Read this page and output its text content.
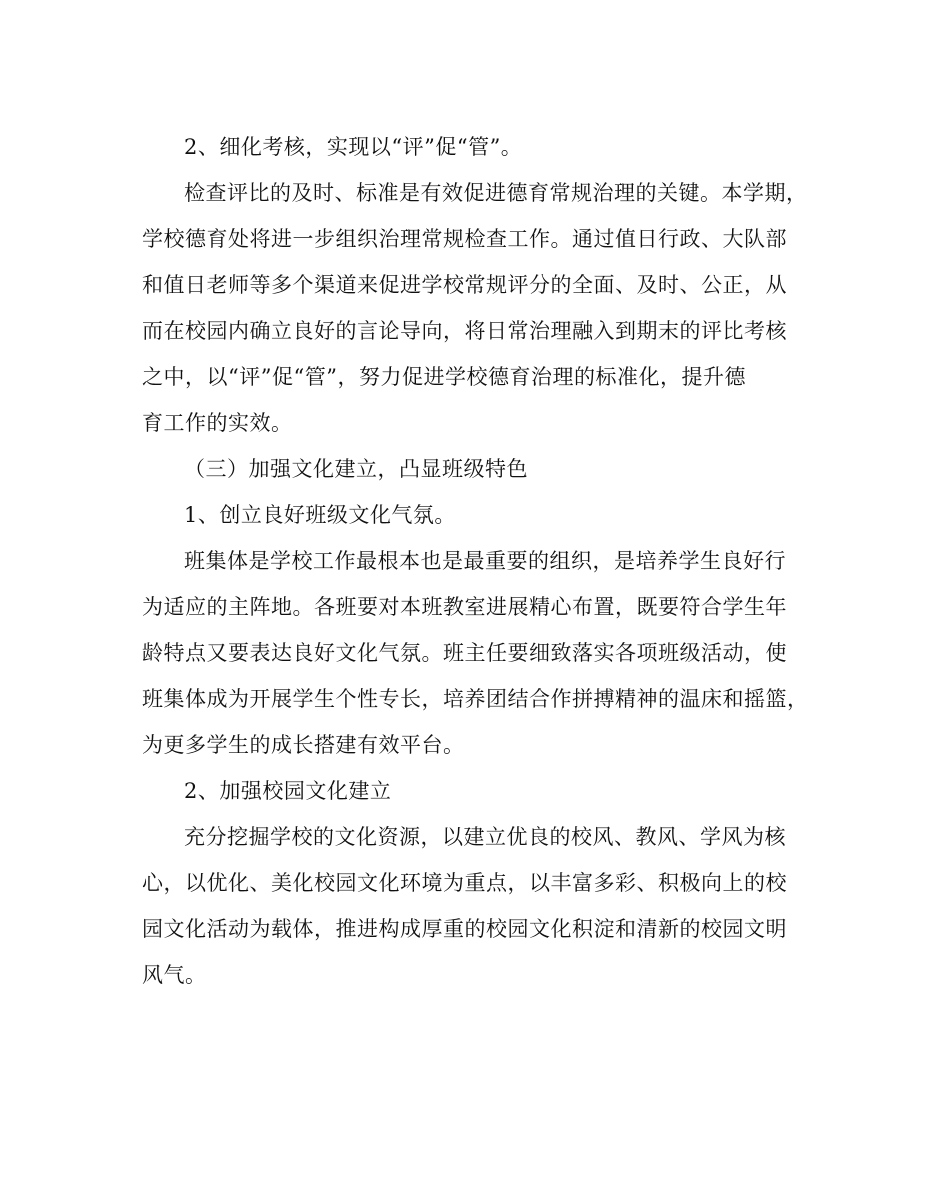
2、细化考核，实现以“评”促“管”。
检查评比的及时、标准是有效促进德育常规治理的关键。本学期，
学校德育处将进一步组织治理常规检查工作。通过值日行政、大队部
和值日老师等多个渠道来促进学校常规评分的全面、及时、公正，从
而在校园内确立良好的言论导向，将日常治理融入到期末的评比考核
之中，以“评”促“管”，努力促进学校德育治理的标准化，提升德
育工作的实效。
（三）加强文化建立，凸显班级特色
1、创立良好班级文化气氛。
班集体是学校工作最根本也是最重要的组织，是培养学生良好行
为适应的主阵地。各班要对本班教室进展精心布置，既要符合学生年
龄特点又要表达良好文化气氛。班主任要细致落实各项班级活动，使
班集体成为开展学生个性专长，培养团结合作拼搏精神的温床和摇篮，
为更多学生的成长搭建有效平台。
2、加强校园文化建立
充分挖掘学校的文化资源，以建立优良的校风、教风、学风为核
心，以优化、美化校园文化环境为重点，以丰富多彩、积极向上的校
园文化活动为载体，推进构成厚重的校园文化积淀和清新的校园文明
风气。
